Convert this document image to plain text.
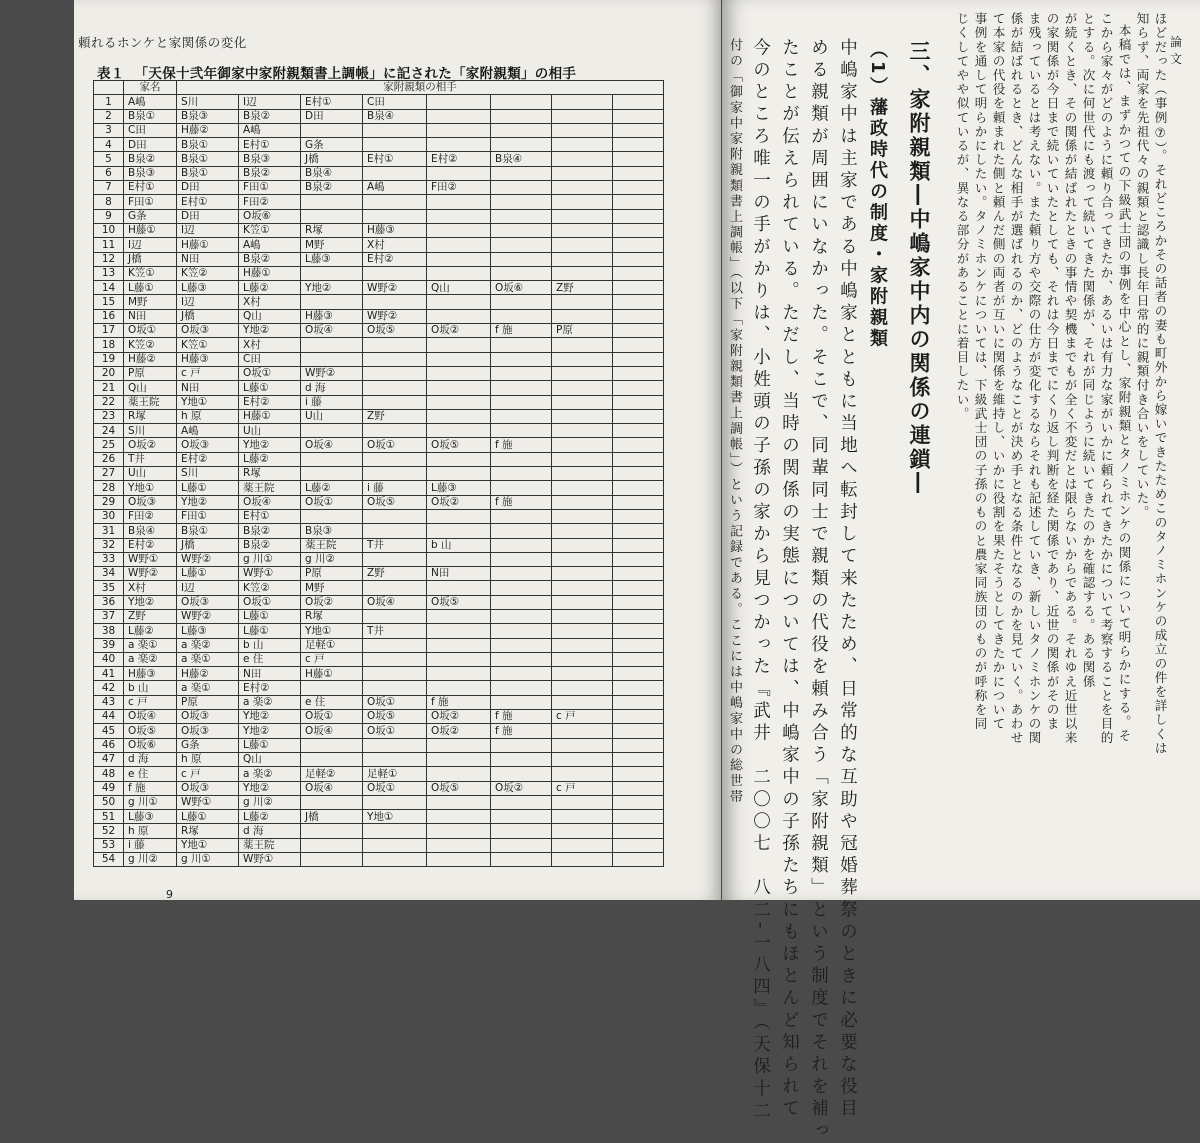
頼れるホンケと家関係の変化
表１ 「天保十弐年御家中家附親類書上調帳」に記された「家附親類」の相手
	家名	家附親類の相手							
1	A嶋	S川	I辺	E村①	C田				
2	B泉①	B泉③	B泉②	D田	B泉④				
3	C田	H藤②	A嶋						
4	D田	B泉①	E村①	G条					
5	B泉②	B泉①	B泉③	J橋	E村①	E村②	B泉④		
6	B泉③	B泉①	B泉②	B泉④					
7	E村①	D田	F田①	B泉②	A嶋	F田②			
8	F田①	E村①	F田②						
9	G条	D田	O坂⑥						
10	H藤①	I辺	K笠①	R塚	H藤③				
11	I辺	H藤①	A嶋	M野	X村				
12	J橋	N田	B泉②	L藤③	E村②				
13	K笠①	K笠②	H藤①						
14	L藤①	L藤③	L藤②	Y地②	W野②	Q山	O坂⑥	Z野	
15	M野	I辺	X村						
16	N田	J橋	Q山	H藤③	W野②				
17	O坂①	O坂③	Y地②	O坂④	O坂⑤	O坂②	f 施	P原	
18	K笠②	K笠①	X村						
19	H藤②	H藤③	C田						
20	P原	c 戸	O坂①	W野②					
21	Q山	N田	L藤①	d 海					
22	薬王院	Y地①	E村②	i 藤					
23	R塚	h 原	H藤①	U山	Z野				
24	S川	A嶋	U山						
25	O坂②	O坂③	Y地②	O坂④	O坂①	O坂⑤	f 施		
26	T井	E村②	L藤②						
27	U山	S川	R塚						
28	Y地①	L藤①	薬王院	L藤②	i 藤	L藤③			
29	O坂③	Y地②	O坂④	O坂①	O坂⑤	O坂②	f 施		
30	F田②	F田①	E村①						
31	B泉④	B泉①	B泉②	B泉③					
32	E村②	J橋	B泉②	薬王院	T井	b 山			
33	W野①	W野②	g 川①	g 川②					
34	W野②	L藤①	W野①	P原	Z野	N田			
35	X村	I辺	K笠②	M野					
36	Y地②	O坂③	O坂①	O坂②	O坂④	O坂⑤			
37	Z野	W野②	L藤①	R塚					
38	L藤②	L藤③	L藤①	Y地①	T井				
39	a 楽①	a 楽②	b 山	足軽①					
40	a 楽②	a 楽①	e 住	c 戸					
41	H藤③	H藤②	N田	H藤①					
42	b 山	a 楽①	E村②						
43	c 戸	P原	a 楽②	e 住	O坂①	f 施			
44	O坂④	O坂③	Y地②	O坂①	O坂⑤	O坂②	f 施	c 戸	
45	O坂⑤	O坂③	Y地②	O坂④	O坂①	O坂②	f 施		
46	O坂⑥	G条	L藤①						
47	d 海	h 原	Q山						
48	e 住	c 戸	a 楽②	足軽②	足軽①				
49	f 施	O坂③	Y地②	O坂④	O坂①	O坂⑤	O坂②	c 戸	
50	g 川①	W野①	g 川②						
51	L藤③	L藤①	L藤②	J橋	Y地①				
52	h 原	R塚	d 海						
53	i 藤	Y地①	薬王院						
54	g 川②	g 川①	W野①						
9
論　文
三、家附親類―中嶋家中内の関係の連鎖―
（1）藩政時代の制度・家附親類
中嶋家中は主家である中嶋家とともに当地へ転封して来たため、日常的な互助や冠婚葬祭のときに必要な役目
める親類が周囲にいなかった。そこで、同輩同士で親類の代役を頼み合う「家附親類」という制度でそれを補っ
たことが伝えられている。ただし、当時の関係の実態については、中嶋家中の子孫たちにもほとんど知られて
今のところ唯一の手がかりは、小姓頭の子孫の家から見つかった『武井　二〇〇七　八二‐一八四』（天保十二
付の「御家中家附親類書上調帳」（以下「家附親類書上調帳」）という記録である。ここには中嶋家中の総世帯	ほどだった（事例⑦）。それどころかその話者の妻も町外から嫁いできたためこのタノミホンケの成立の件を詳しくは
知らず、両家を先祖代々の親類と認識し長年日常的に親類付き合いをしていた。
本稿では、まずかつての下級武士団の事例を中心とし、家附親類とタノミホンケの関係について明らかにする。そ
こから家々がどのように頼り合ってきたか、あるいは有力な家がいかに頼られてきたかについて考察することを目的
とする。次に何世代にも渡って続いてきた関係が、それが同じように続いてきたのかを確認する。ある関係
が続くとき、その関係が結ばれたときの事情や契機までもが全く不変だとは限らないからである。それゆえ近世以来
の家関係が今日まで続いていたとしても、それは今日までにくり返し判断を経た関係であり、近世の関係がそのま
ま残っているとは考えない。また頼り方や交際の仕方が変化するならそれも記述していき、新しいタノミホンケの関
係が結ばれるとき、どんな相手が選ばれるのか、どのようなことが決め手となる条件となるのかを見ていく。あわせ
て本家の代役を頼まれた側と頼んだ側の両者が互いに関係を維持し、いかに役割を果たそうとしてきたかについて
事例を通して明らかにしたい。タノミホンケについては、下級武士団の子孫のものと農家同族団のものが呼称を同
じくしてやや似ているが、異なる部分があることに着目したい。
